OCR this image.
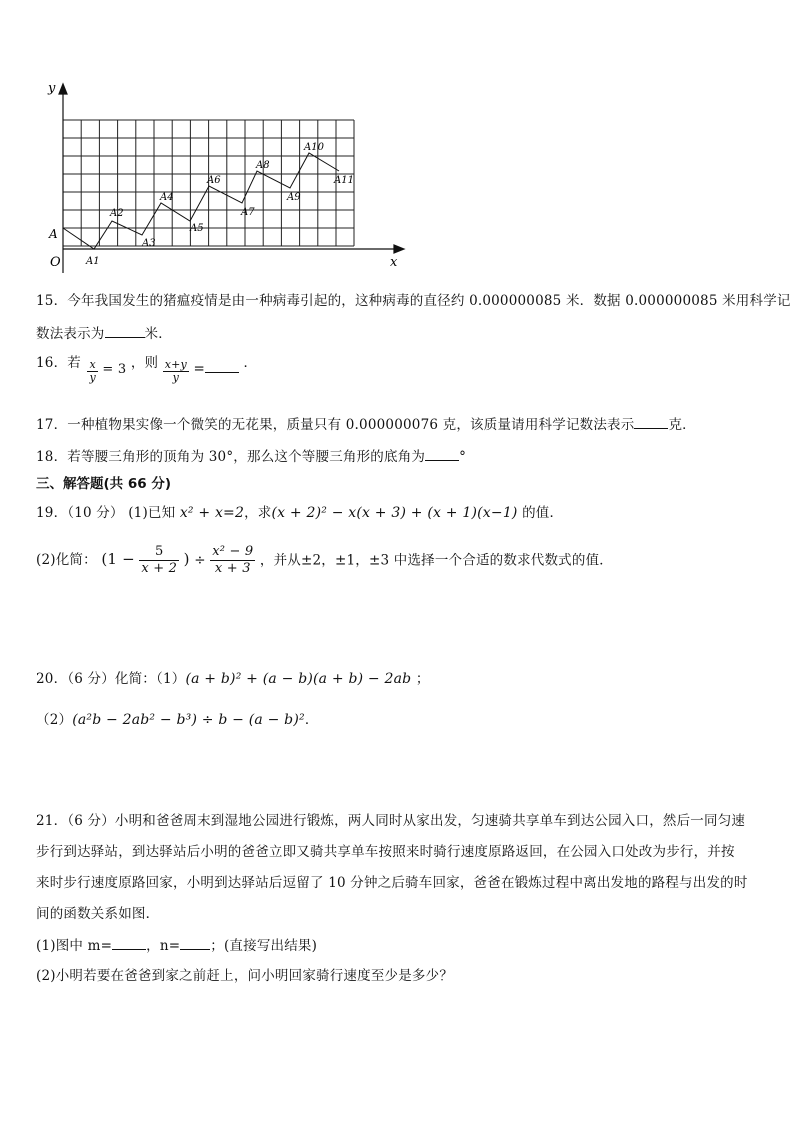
y
x
O
A
A1
A2
A3
A4
A5
A6
A7
A8
A9
A10
A11
15．今年我国发生的猪瘟疫情是由一种病毒引起的，这种病毒的直径约 0.000000085 米．数据 0.000000085 米用科学记
数法表示为	米．
16．若 $\frac{x}{y} = 3$ ，则 $\frac{x+y}{y}$ =	．
17．一种植物果实像一个微笑的无花果，质量只有 0.000000076 克，该质量请用科学记数法表示	克．
18．若等腰三角形的顶角为 30°，那么这个等腰三角形的底角为	°
三、解答题(共 66 分)
19．（10 分） (1)已知 x² + x=2，求(x + 2)² − x(x + 3) + (x + 1)(x−1) 的值．
(2)化简： ($1 - \frac{5}{x + 2}$ ) ÷ $\frac{\text{x² − 9}}{x + 3}$ ，并从±2，±1，±3 中选择一个合适的数求代数式的值．
20．（6 分）化简：（1）(a + b)² + (a − b)(a + b) − 2ab ；
（2）(a²b − 2ab² − b³) ÷ b − (a − b)²．
21．（6 分）小明和爸爸周末到湿地公园进行锻炼，两人同时从家出发，匀速骑共享单车到达公园入口，然后一同匀速
步行到达驿站，到达驿站后小明的爸爸立即又骑共享单车按照来时骑行速度原路返回，在公园入口处改为步行，并按
来时步行速度原路回家，小明到达驿站后逗留了 10 分钟之后骑车回家，爸爸在锻炼过程中离出发地的路程与出发的时
间的函数关系如图．
(1)图中 m=	，n= ；(直接写出结果)
(2)小明若要在爸爸到家之前赶上，问小明回家骑行速度至少是多少？
